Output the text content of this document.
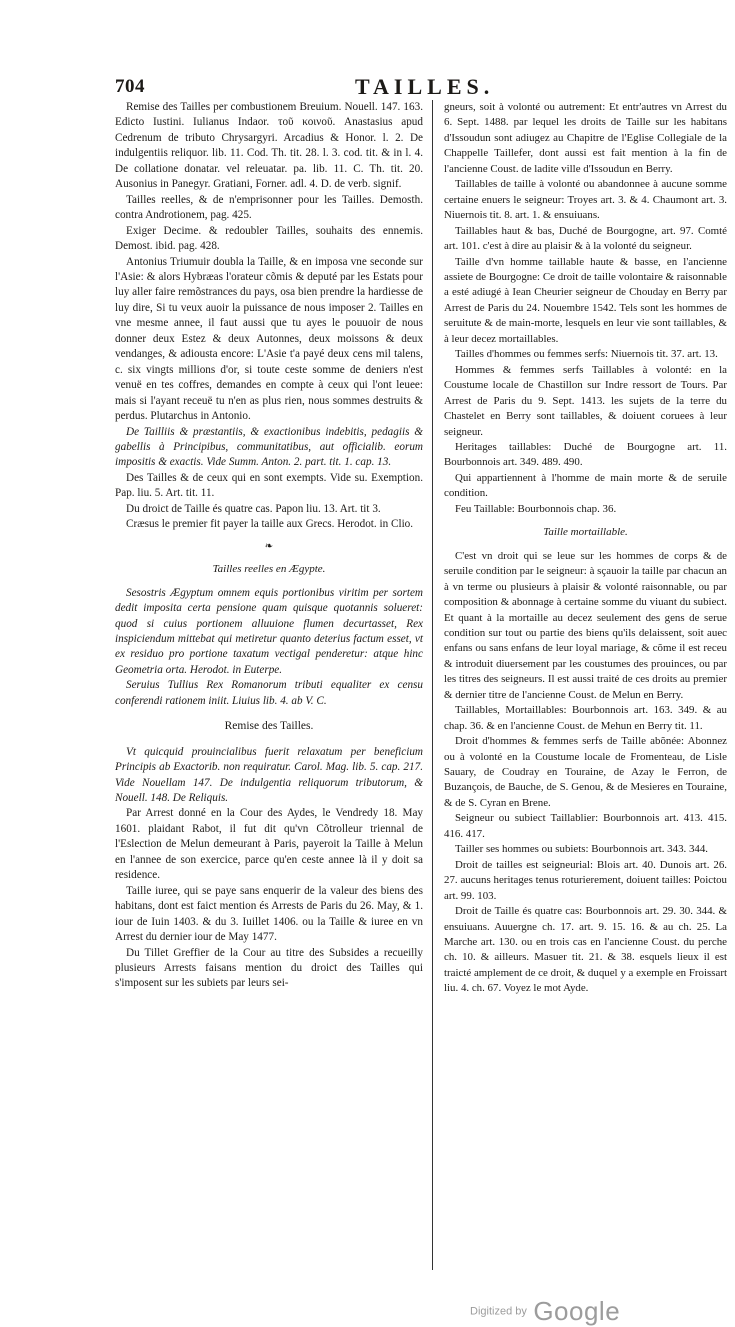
704	TAILLES.

Remise des Tailles per combustionem Breuium. Nouell. 147. 163. Edicto Iustini. Iulianus Indaor. τοῦ κοινοῦ. Anastasius apud Cedrenum de tributo Chrysargyri. Arcadius & Honor. l. 2. De indulgentiis reliquor. lib. 11. Cod. Th. tit. 28. l. 3. cod. tit. & in l. 4. De collatione donatar. vel releuatar. pa. lib. 11. C. Th. tit. 20. Ausonius in Panegyr. Gratiani, Forner. adl. 4. D. de verb. signif.

Tailles reelles, & de n'emprisonner pour les Tailles. Demosth. contra Androtionem, pag. 425.

Exiger Decime. & redoubler Tailles, souhaits des ennemis. Demost. ibid. pag. 428.

Antonius Triumuir doubla la Taille, & en imposa vne seconde sur l'Asie: & alors Hybræas l'orateur cõmis & deputé par les Estats pour luy aller faire remõstrances du pays, osa bien prendre la hardiesse de luy dire, Si tu veux auoir la puissance de nous imposer 2. Tailles en vne mesme annee, il faut aussi que tu ayes le pouuoir de nous donner deux Estez & deux Autonnes, deux moissons & deux vendanges, & adiousta encore: L'Asie t'a payé deux cens mil talens, c. six vingts millions d'or, si toute ceste somme de deniers n'est venuë en tes coffres, demandes en compte à ceux qui l'ont leuee: mais si l'ayant receuë tu n'en as plus rien, nous sommes destruits & perdus. Plutarchus in Antonio.

De Tailliis & præstantiis, & exactionibus indebitis, pedagiis & gabellis à Principibus, communitatibus, aut officialib. eorum impositis & exactis. Vide Summ. Anton. 2. part. tit. 1. cap. 13.

Des Tailles & de ceux qui en sont exempts. Vide su. Exemption. Pap. liu. 5. Art. tit. 11.

Du droict de Taille és quatre cas. Papon liu. 13. Art. tit 3.

Cræsus le premier fit payer la taille aux Grecs. Herodot. in Clio.

❧
Tailles reelles en Ægypte.

Sesostris Ægyptum omnem equis portionibus viritim per sortem dedit imposita certa pensione quam quisque quotannis solueret: quod si cuius portionem alluuione flumen decurtasset, Rex inspiciendum mittebat qui metiretur quanto deterius factum esset, vt ex residuo pro portione taxatum vectigal penderetur: atque hinc Geometria orta. Herodot. in Euterpe.

Seruius Tullius Rex Romanorum tributi equaliter ex censu conferendi rationem iniit. Liuius lib. 4. ab V. C.

Remise des Tailles.

Vt quicquid prouincialibus fuerit relaxatum per beneficium Principis ab Exactorib. non requiratur. Carol. Mag. lib. 5. cap. 217. Vide Nouellam 147. De indulgentia reliquorum tributorum, & Nouell. 148. De Reliquis.

Par Arrest donné en la Cour des Aydes, le Vendredy 18. May 1601. plaidant Rabot, il fut dit qu'vn Cõtrolleur triennal de l'Eslection de Melun demeurant à Paris, payeroit la Taille à Melun en l'annee de son exercice, parce qu'en ceste annee là il y doit sa residence.

Taille iuree, qui se paye sans enquerir de la valeur des biens des habitans, dont est faict mention és Arrests de Paris du 26. May, & 1. iour de Iuin 1403. & du 3. Iuillet 1406. ou la Taille & iuree en vn Arrest du dernier iour de May 1477.

Du Tillet Greffier de la Cour au titre des Subsides a recueilly plusieurs Arrests faisans mention du droict des Tailles qui s'imposent sur les subiets par leurs sei-

gneurs, soit à volonté ou autrement: Et entr'autres vn Arrest du 6. Sept. 1488. par lequel les droits de Taille sur les habitans d'Issoudun sont adiugez au Chapitre de l'Eglise Collegiale de la Chappelle Taillefer, dont aussi est fait mention à la fin de l'ancienne Coust. de ladite ville d'Issoudun en Berry.

Taillables de taille à volonté ou abandonnee à aucune somme certaine enuers le seigneur: Troyes art. 3. & 4. Chaumont art. 3. Niuernois tit. 8. art. 1. & ensuiuans.

Taillables haut & bas, Duché de Bourgogne, art. 97. Comté art. 101. c'est à dire au plaisir & à la volonté du seigneur.

Taille d'vn homme taillable haute & basse, en l'ancienne assiete de Bourgogne: Ce droit de taille volontaire & raisonnable a esté adiugé à Iean Cheurier seigneur de Chouday en Berry par Arrest de Paris du 24. Nouembre 1542. Tels sont les hommes de seruitute & de main-morte, lesquels en leur vie sont taillables, & à leur decez mortaillables.

Tailles d'hommes ou femmes serfs: Niuernois tit. 37. art. 13.

Hommes & femmes serfs Taillables à volonté: en la Coustume locale de Chastillon sur Indre ressort de Tours. Par Arrest de Paris du 9. Sept. 1413. les sujets de la terre du Chastelet en Berry sont taillables, & doiuent coruees à leur seigneur.

Heritages taillables: Duché de Bourgogne art. 11. Bourbonnois art. 349. 489. 490.

Qui appartiennent à l'homme de main morte & de seruile condition.

Feu Taillable: Bourbonnois chap. 36.

Taille mortaillable.

C'est vn droit qui se leue sur les hommes de corps & de seruile condition par le seigneur: à sçauoir la taille par chacun an à vn terme ou plusieurs à plaisir & volonté raisonnable, ou par composition & abonnage à certaine somme du viuant du subiect. Et quant à la mortaille au decez seulement des gens de serue condition sur tout ou partie des biens qu'ils delaissent, soit auec enfans ou sans enfans de leur loyal mariage, & cõme il est receu & introduit diuersement par les coustumes des prouinces, ou par les titres des seigneurs. Il est aussi traité de ces droits au premier & dernier titre de l'ancienne Coust. de Melun en Berry.

Taillables, Mortaillables: Bourbonnois art. 163. 349. & au chap. 36. & en l'ancienne Coust. de Mehun en Berry tit. 11.

Droit d'hommes & femmes serfs de Taille abõnée: Abonnez ou à volonté en la Coustume locale de Fromenteau, de Lisle Sauary, de Coudray en Touraine, de Azay le Ferron, de Buzançois, de Bauche, de S. Genou, & de Mesieres en Touraine, & de S. Cyran en Brene.

Seigneur ou subiect Taillablier: Bourbonnois art. 413. 415. 416. 417.

Tailler ses hommes ou subiets: Bourbonnois art. 343. 344.

Droit de tailles est seigneurial: Blois art. 40. Dunois art. 26. 27. aucuns heritages tenus roturierement, doiuent tailles: Poictou art. 99. 103.

Droit de Taille és quatre cas: Bourbonnois art. 29. 30. 344. & ensuiuans. Auuergne ch. 17. art. 9. 15. 16. & au ch. 25. La Marche art. 130. ou en trois cas en l'ancienne Coust. du perche ch. 10. & ailleurs. Masuer tit. 21. & 38. esquels lieux il est traicté amplement de ce droit, & duquel y a exemple en Froissart liu. 4. ch. 67. Voyez le mot Ayde.

Digitized by Google
